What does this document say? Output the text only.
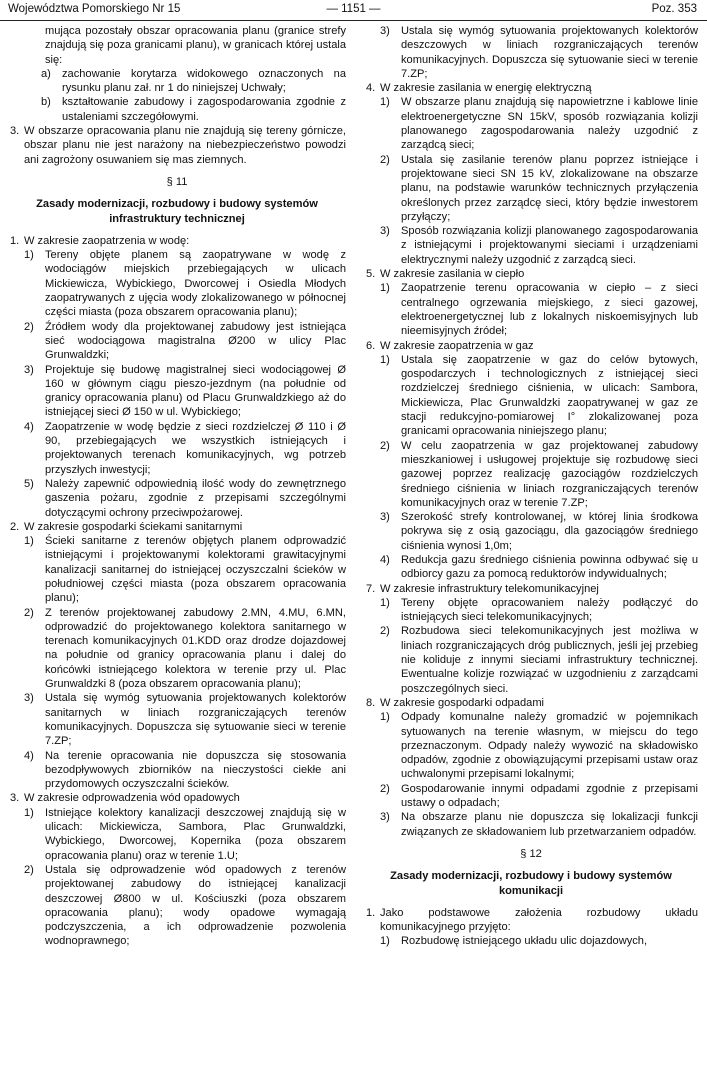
— 1151 —
Województwa Pomorskiego Nr 15	Poz. 353
mująca pozostały obszar opracowania planu (granice strefy znajdują się poza granicami planu), w granicach której ustala się:
a) zachowanie korytarza widokowego oznaczonych na rysunku planu zał. nr 1 do niniejszej Uchwały;
b) kształtowanie zabudowy i zagospodarowania zgodnie z ustaleniami szczegółowymi.
3. W obszarze opracowania planu nie znajdują się tereny górnicze, obszar planu nie jest narażony na niebezpieczeństwo powodzi ani zagrożony osuwaniem się mas ziemnych.
§ 11
Zasady modernizacji, rozbudowy i budowy systemów infrastruktury technicznej
1. W zakresie zaopatrzenia w wodę:
1) Tereny objęte planem są zaopatrywane w wodę z wodociągów miejskich przebiegających w ulicach Mickiewicza, Wybickiego, Dworcowej i Osiedla Młodych zaopatrywanych z ujęcia wody zlokalizowanego w północnej części miasta (poza obszarem opracowania planu);
2) Źródłem wody dla projektowanej zabudowy jest istniejąca sieć wodociągowa magistralna Ø200 w ulicy Plac Grunwaldzki;
3) Projektuje się budowę magistralnej sieci wodociągowej Ø 160 w głównym ciągu pieszo-jezdnym (na południe od granicy opracowania planu) od Placu Grunwaldzkiego aż do istniejącej sieci Ø 150 w ul. Wybickiego;
4) Zaopatrzenie w wodę będzie z sieci rozdzielczej Ø 110 i Ø 90, przebiegających we wszystkich istniejących i projektowanych terenach komunikacyjnych, wg potrzeb przyszłych inwestycji;
5) Należy zapewnić odpowiednią ilość wody do zewnętrznego gaszenia pożaru, zgodnie z przepisami szczególnymi dotyczącymi ochrony przeciwpożarowej.
2. W zakresie gospodarki ściekami sanitarnymi
1) Ścieki sanitarne z terenów objętych planem odprowadzić istniejącymi i projektowanymi kolektorami grawitacyjnymi kanalizacji sanitarnej do istniejącej oczyszczalni ścieków w południowej części miasta (poza obszarem opracowania planu);
2) Z terenów projektowanej zabudowy 2.MN, 4.MU, 6.MN, odprowadzić do projektowanego kolektora sanitarnego w terenach komunikacyjnych 01.KDD oraz drodze dojazdowej na południe od granicy opracowania planu i dalej do końcówki istniejącego kolektora w terenie przy ul. Plac Grunwaldzki 8 (poza obszarem opracowania planu);
3) Ustala się wymóg sytuowania projektowanych kolektorów sanitarnych w liniach rozgraniczających terenów komunikacyjnych. Dopuszcza się sytuowanie sieci w terenie 7.ZP;
4) Na terenie opracowania nie dopuszcza się stosowania bezodpływowych zbiorników na nieczystości ciekłe ani przydomowych oczyszczalni ścieków.
3. W zakresie odprowadzenia wód opadowych
1) Istniejące kolektory kanalizacji deszczowej znajdują się w ulicach: Mickiewicza, Sambora, Plac Grunwaldzki, Wybickiego, Dworcowej, Kopernika (poza obszarem opracowania planu) oraz w terenie 1.U;
2) Ustala się odprowadzenie wód opadowych z terenów projektowanej zabudowy do istniejącej kanalizacji deszczowej Ø800 w ul. Kościuszki (poza obszarem opracowania planu); wody opadowe wymagają podczyszczenia, a ich odprowadzenie pozwolenia wodnoprawnego;
3) Ustala się wymóg sytuowania projektowanych kolektorów deszczowych w liniach rozgraniczających terenów komunikacyjnych. Dopuszcza się sytuowanie sieci w terenie 7.ZP;
4. W zakresie zasilania w energię elektryczną
1) W obszarze planu znajdują się napowietrzne i kablowe linie elektroenergetyczne SN 15kV, sposób rozwiązania kolizji planowanego zagospodarowania należy uzgodnić z zarządcą sieci;
2) Ustala się zasilanie terenów planu poprzez istniejące i projektowane sieci SN 15 kV, zlokalizowane na obszarze planu, na podstawie warunków technicznych przyłączenia określonych przez zarządcę sieci, który będzie inwestorem przyłączy;
3) Sposób rozwiązania kolizji planowanego zagospodarowania z istniejącymi i projektowanymi sieciami i urządzeniami elektrycznymi należy uzgodnić z zarządcą sieci.
5. W zakresie zasilania w ciepło
1) Zaopatrzenie terenu opracowania w ciepło – z sieci centralnego ogrzewania miejskiego, z sieci gazowej, elektroenergetycznej lub z lokalnych niskoemisyjnych lub nieemisyjnych źródeł;
6. W zakresie zaopatrzenia w gaz
1) Ustala się zaopatrzenie w gaz do celów bytowych, gospodarczych i technologicznych z istniejącej sieci rozdzielczej średniego ciśnienia, w ulicach: Sambora, Mickiewicza, Plac Grunwaldzki zaopatrywanej w gaz ze stacji redukcyjno-pomiarowej I° zlokalizowanej poza granicami opracowania niniejszego planu;
2) W celu zaopatrzenia w gaz projektowanej zabudowy mieszkaniowej i usługowej projektuje się rozbudowę sieci gazowej poprzez realizację gazociągów rozdzielczych średniego ciśnienia w liniach rozgraniczających terenów komunikacyjnych oraz w terenie 7.ZP;
3) Szerokość strefy kontrolowanej, w której linia środkowa pokrywa się z osią gazociągu, dla gazociągów średniego ciśnienia wynosi 1,0m;
4) Redukcja gazu średniego ciśnienia powinna odbywać się u odbiorcy gazu za pomocą reduktorów indywidualnych;
7. W zakresie infrastruktury telekomunikacyjnej
1) Tereny objęte opracowaniem należy podłączyć do istniejących sieci telekomunikacyjnych;
2) Rozbudowa sieci telekomunikacyjnych jest możliwa w liniach rozgraniczających dróg publicznych, jeśli jej przebieg nie koliduje z innymi sieciami infrastruktury technicznej. Ewentualne kolizje rozwiązać w uzgodnieniu z zarządcami poszczególnych sieci.
8. W zakresie gospodarki odpadami
1) Odpady komunalne należy gromadzić w pojemnikach sytuowanych na terenie własnym, w miejscu do tego przeznaczonym. Odpady należy wywozić na składowisko odpadów, zgodnie z obowiązującymi przepisami ustaw oraz uchwalonymi przepisami lokalnymi;
2) Gospodarowanie innymi odpadami zgodnie z przepisami ustawy o odpadach;
3) Na obszarze planu nie dopuszcza się lokalizacji funkcji związanych ze składowaniem lub przetwarzaniem odpadów.
§ 12
Zasady modernizacji, rozbudowy i budowy systemów komunikacji
1. Jako podstawowe założenia rozbudowy układu komunikacyjnego przyjęto:
1) Rozbudowę istniejącego układu ulic dojazdowych,
